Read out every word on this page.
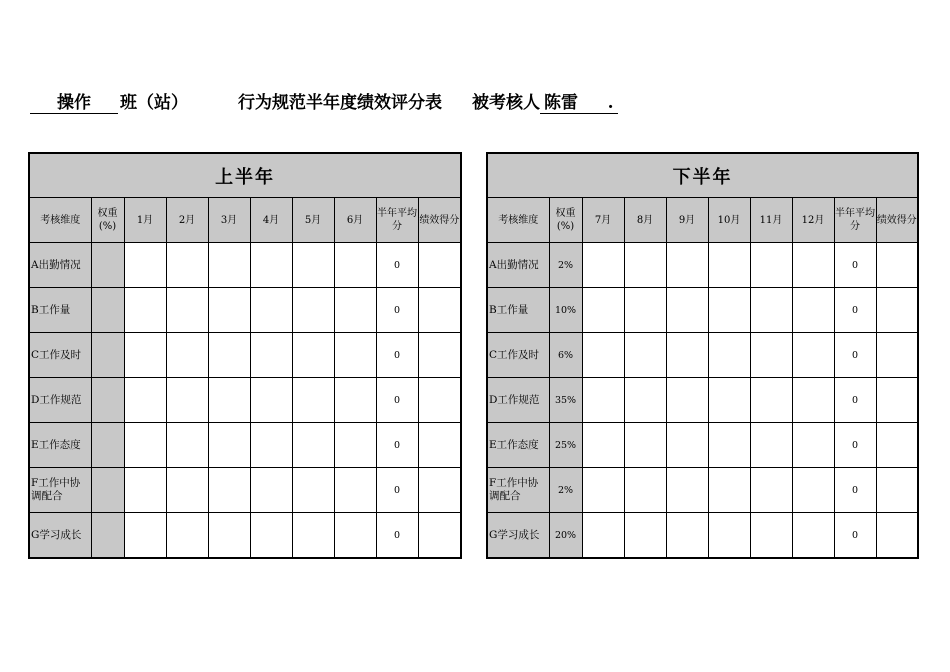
操作 班（站）	行为规范半年度绩效评分表 被考核人 陈雷 .
上半年									
考核维度	权重(%)	1月	2月	3月	4月	5月	6月	半年平均分	绩效得分
A出勤情况								0	
B工作量								0	
C工作及时								0	
D工作规范								0	
E工作态度								0	
F工作中协调配合								0	
G学习成长								0	
下半年									
考核维度	权重(%)	7月	8月	9月	10月	11月	12月	半年平均分	绩效得分
A出勤情况	2%							0	
B工作量	10%							0	
C工作及时	6%							0	
D工作规范	35%							0	
E工作态度	25%							0	
F工作中协调配合	2%							0	
G学习成长	20%							0	
